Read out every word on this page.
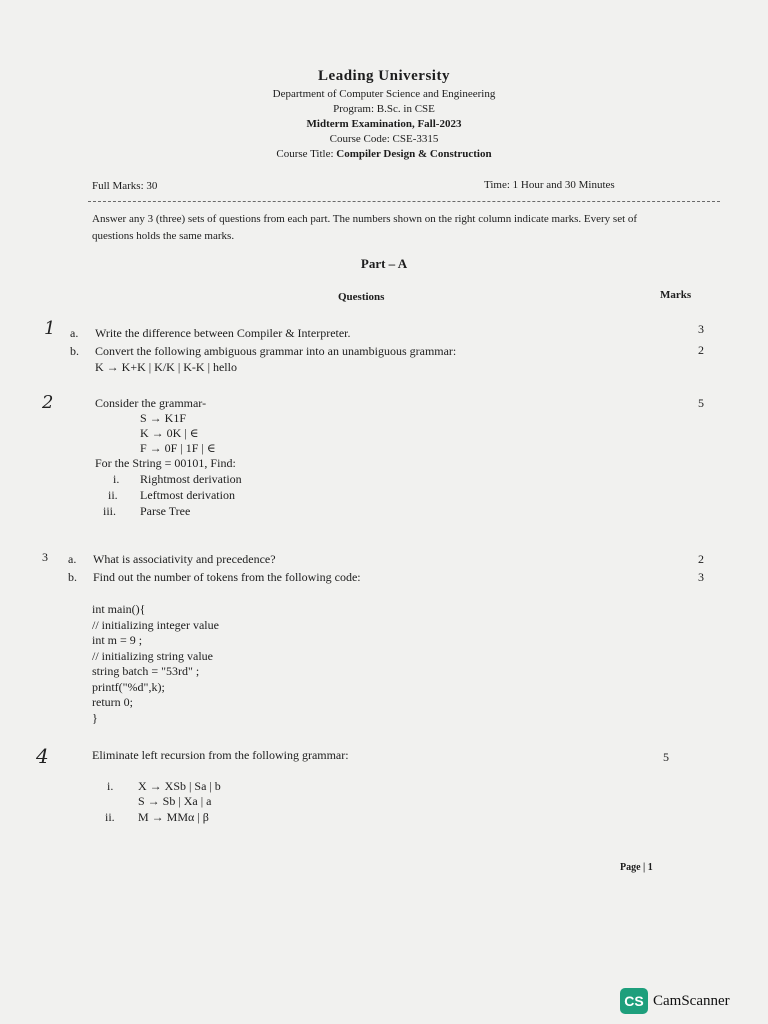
Leading University
Department of Computer Science and Engineering
Program: B.Sc. in CSE
Midterm Examination, Fall-2023
Course Code: CSE-3315
Course Title: Compiler Design & Construction
Full Marks: 30	Time: 1 Hour and 30 Minutes
Answer any 3 (three) sets of questions from each part. The numbers shown on the right column indicate marks. Every set of questions holds the same marks.
Part – A
Questions	Marks
1 a. Write the difference between Compiler & Interpreter.	3
b. Convert the following ambiguous grammar into an unambiguous grammar:	2
K → K+K | K/K | K-K | hello
2	Consider the grammar-	5
S → K1F
K → 0K | ∈
F → 0F | 1F | ∈
For the String = 00101, Find:
i. Rightmost derivation
ii. Leftmost derivation
iii. Parse Tree
3 a. What is associativity and precedence?	2
b. Find out the number of tokens from the following code:	3
int main(){
// initializing integer value
int m = 9 ;
// initializing string value
string batch = "53rd" ;
printf("%d",k);
return 0;
}
4	Eliminate left recursion from the following grammar:	5
i. X → XSb | Sa | b
S → Sb | Xa | a
ii. M → MMα | β
Page | 1
CS CamScanner
